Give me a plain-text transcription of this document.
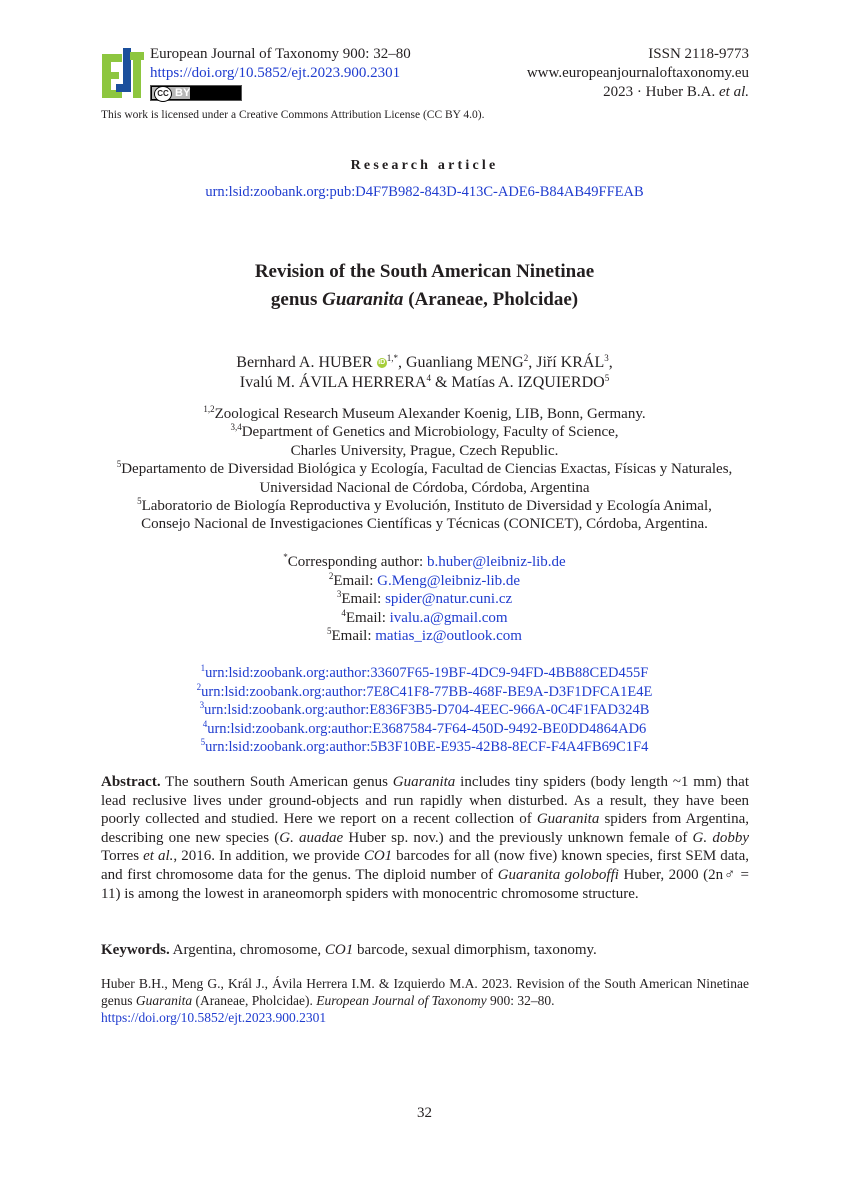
European Journal of Taxonomy 900: 32–80
https://doi.org/10.5852/ejt.2023.900.2301
CC BY
ISSN 2118-9773
www.europeanjournaloftaxonomy.eu
2023 · Huber B.A. et al.
This work is licensed under a Creative Commons Attribution License (CC BY 4.0).
Research article
urn:lsid:zoobank.org:pub:D4F7B982-843D-413C-ADE6-B84AB49FFEAB
Revision of the South American Ninetinae
genus Guaranita (Araneae, Pholcidae)
Bernhard A. HUBER iD $^{1,*}$, Guanliang MENG$^2$, Jiří KRÁL$^3$,
Ivalú M. ÁVILA HERRERA$^4$ & Matías A. IZQUIERDO$^5$
$^{1,2}$Zoological Research Museum Alexander Koenig, LIB, Bonn, Germany.
$^{3,4}$Department of Genetics and Microbiology, Faculty of Science,
Charles University, Prague, Czech Republic.
$^5$Departamento de Diversidad Biológica y Ecología, Facultad de Ciencias Exactas, Físicas y Naturales,
Universidad Nacional de Córdoba, Córdoba, Argentina
$^5$Laboratorio de Biología Reproductiva y Evolución, Instituto de Diversidad y Ecología Animal,
Consejo Nacional de Investigaciones Científicas y Técnicas (CONICET), Córdoba, Argentina.
*Corresponding author: b.huber@leibniz-lib.de
$^2$Email: G.Meng@leibniz-lib.de
$^3$Email: spider@natur.cuni.cz
$^4$Email: ivalu.a@gmail.com
$^5$Email: matias_iz@outlook.com
$^1$urn:lsid:zoobank.org:author:33607F65-19BF-4DC9-94FD-4BB88CED455F
$^2$urn:lsid:zoobank.org:author:7E8C41F8-77BB-468F-BE9A-D3F1DFCA1E4E
$^3$urn:lsid:zoobank.org:author:E836F3B5-D704-4EEC-966A-0C4F1FAD324B
$^4$urn:lsid:zoobank.org:author:E3687584-7F64-450D-9492-BE0DD4864AD6
$^5$urn:lsid:zoobank.org:author:5B3F10BE-E935-42B8-8ECF-F4A4FB69C1F4
Abstract. The southern South American genus Guaranita includes tiny spiders (body length ~1 mm) that lead reclusive lives under ground-objects and run rapidly when disturbed. As a result, they have been poorly collected and studied. Here we report on a recent collection of Guaranita spiders from Argentina, describing one new species (G. auadae Huber sp. nov.) and the previously unknown female of G. dobby Torres et al., 2016. In addition, we provide CO1 barcodes for all (now five) known species, first SEM data, and first chromosome data for the genus. The diploid number of Guaranita goloboffi Huber, 2000 (2n♂ = 11) is among the lowest in araneomorph spiders with monocentric chromosome structure.
Keywords. Argentina, chromosome, CO1 barcode, sexual dimorphism, taxonomy.
Huber B.H., Meng G., Král J., Ávila Herrera I.M. & Izquierdo M.A. 2023. Revision of the South American Ninetinae genus Guaranita (Araneae, Pholcidae). European Journal of Taxonomy 900: 32–80.
https://doi.org/10.5852/ejt.2023.900.2301
32
